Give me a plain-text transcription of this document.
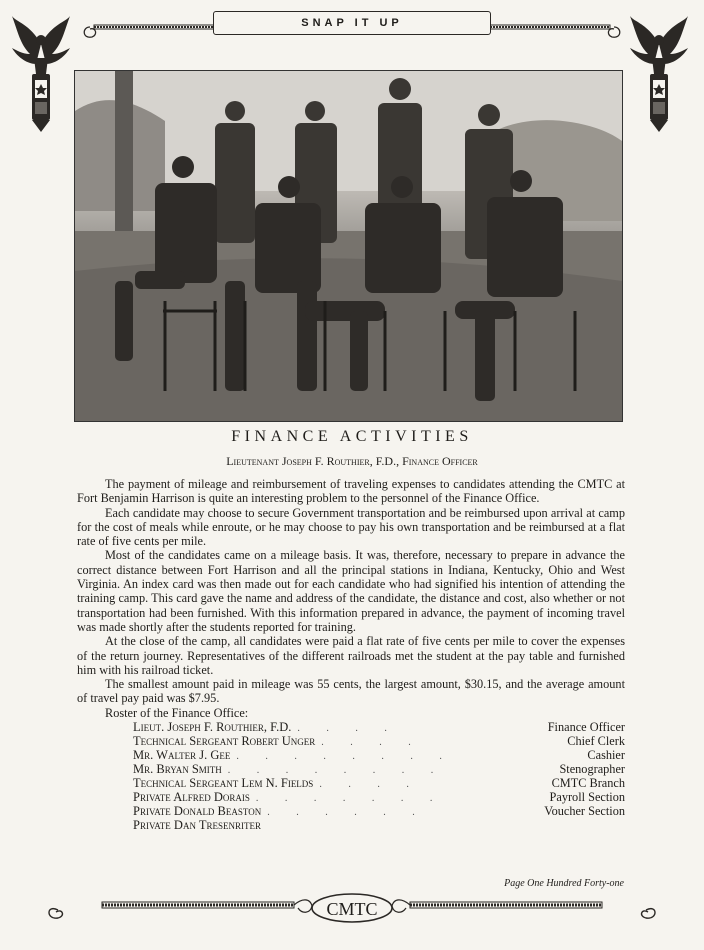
SNAP IT UP
FINANCE ACTIVITIES
Lieutenant Joseph F. Routhier, F.D., Finance Officer

The payment of mileage and reimbursement of traveling expenses to candidates attending the CMTC at Fort Benjamin Harrison is quite an interesting problem to the personnel of the Finance Office.

Each candidate may choose to secure Government transportation and be reimbursed upon arrival at camp for the cost of meals while enroute, or he may choose to pay his own transportation and be reimbursed at a flat rate of five cents per mile.

Most of the candidates came on a mileage basis. It was, therefore, necessary to prepare in advance the correct distance between Fort Harrison and all the principal stations in Indiana, Kentucky, Ohio and West Virginia. An index card was then made out for each candidate who had signified his intention of attending the training camp. This card gave the name and address of the candidate, the distance and cost, also whether or not transportation had been furnished. With this information prepared in advance, the payment of incoming travel was made shortly after the students reported for training.

At the close of the camp, all candidates were paid a flat rate of five cents per mile to cover the expenses of the return journey. Representatives of the different railroads met the student at the pay table and furnished him with his railroad ticket.

The smallest amount paid in mileage was 55 cents, the largest amount, $30.15, and the average amount of travel pay paid was $7.95.

Roster of the Finance Office:

Lieut. Joseph F. Routhier, F.D. . . . .	Finance Officer
Technical Sergeant Robert Unger . . . .	Chief Clerk
Mr. Walter J. Gee . . . . . . . .	Cashier
Mr. Bryan Smith . . . . . . . .	Stenographer
Technical Sergeant Lem N. Fields . . . .	CMTC Branch
Private Alfred Dorais . . . . . . .	Payroll Section
Private Donald Beaston . . . . . .	Voucher Section
Private Dan Tresenriter
Page One Hundred Forty-one
CMTC
